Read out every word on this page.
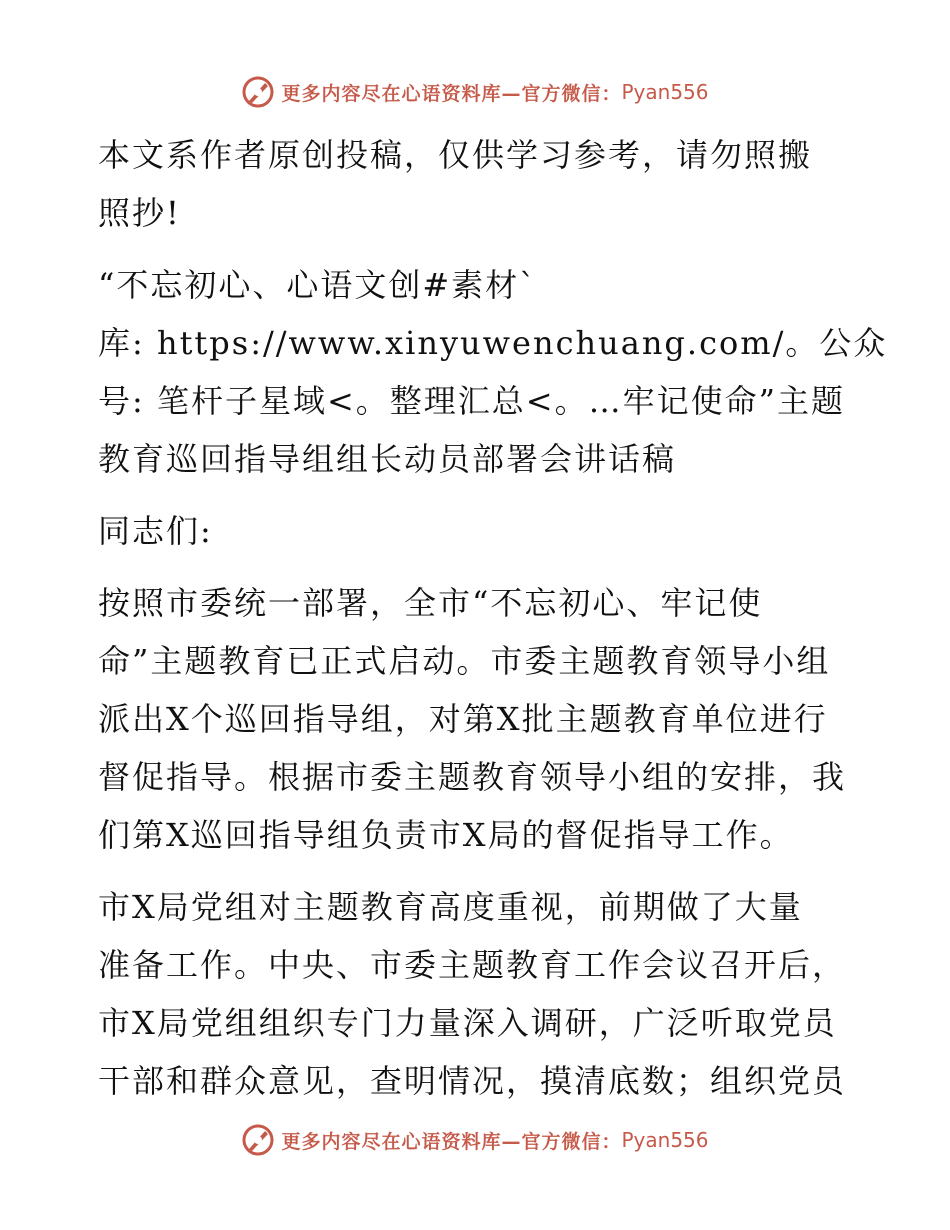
更多内容尽在心语资料库—官方微信： Pyan556
本文系作者原创投稿，仅供学习参考，请勿照搬
照抄!
“不忘初心、心语文创#素材`
库: https://www.xinyuwenchuang.com/。公众
号: 笔杆子星域<。整理汇总<。…牢记使命”主题
教育巡回指导组组长动员部署会讲话稿
同志们:
按照市委统一部署，全市“不忘初心、牢记使
命”主题教育已正式启动。市委主题教育领导小组
派出X个巡回指导组，对第X批主题教育单位进行
督促指导。根据市委主题教育领导小组的安排，我
们第X巡回指导组负责市X局的督促指导工作。
市X局党组对主题教育高度重视，前期做了大量
准备工作。中央、市委主题教育工作会议召开后，
市X局党组组织专门力量深入调研，广泛听取党员
干部和群众意见，查明情况，摸清底数；组织党员
更多内容尽在心语资料库—官方微信： Pyan556
